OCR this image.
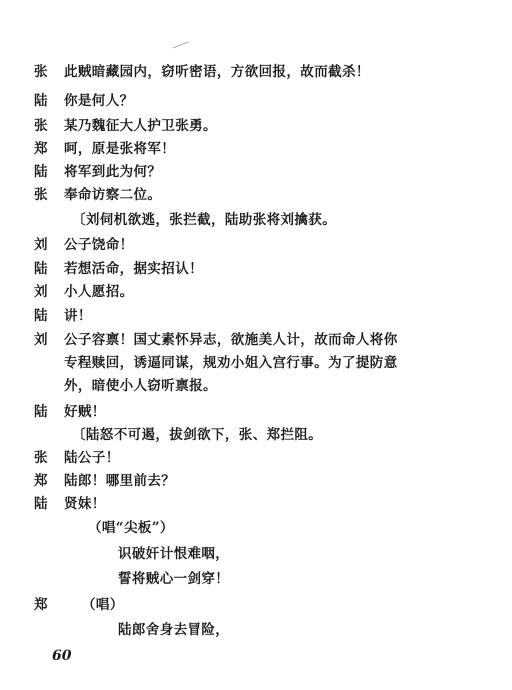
张	此贼暗藏园内，窃听密语，方欲回报，故而截杀！
陆	你是何人？
张	某乃魏征大人护卫张勇。
郑	呵，原是张将军！
陆	将军到此为何？
张	奉命访察二位。
〔刘伺机欲逃，张拦截，陆助张将刘擒获。
刘	公子饶命！
陆	若想活命，据实招认！
刘	小人愿招。
陆	讲！
刘	公子容禀！国丈素怀异志，欲施美人计，故而命人将你
专程赎回，诱逼同谋，规劝小姐入宫行事。为了提防意
外，暗使小人窃听禀报。
陆	好贼！
〔陆怒不可遏，拔剑欲下，张、郑拦阻。
张	陆公子！
郑	陆郎！哪里前去？
陆	贤妹！
（唱“尖板”）
识破奸计恨难咽，
誓将贼心一剑穿！
郑	（唱）
陆郎舍身去冒险，
60
